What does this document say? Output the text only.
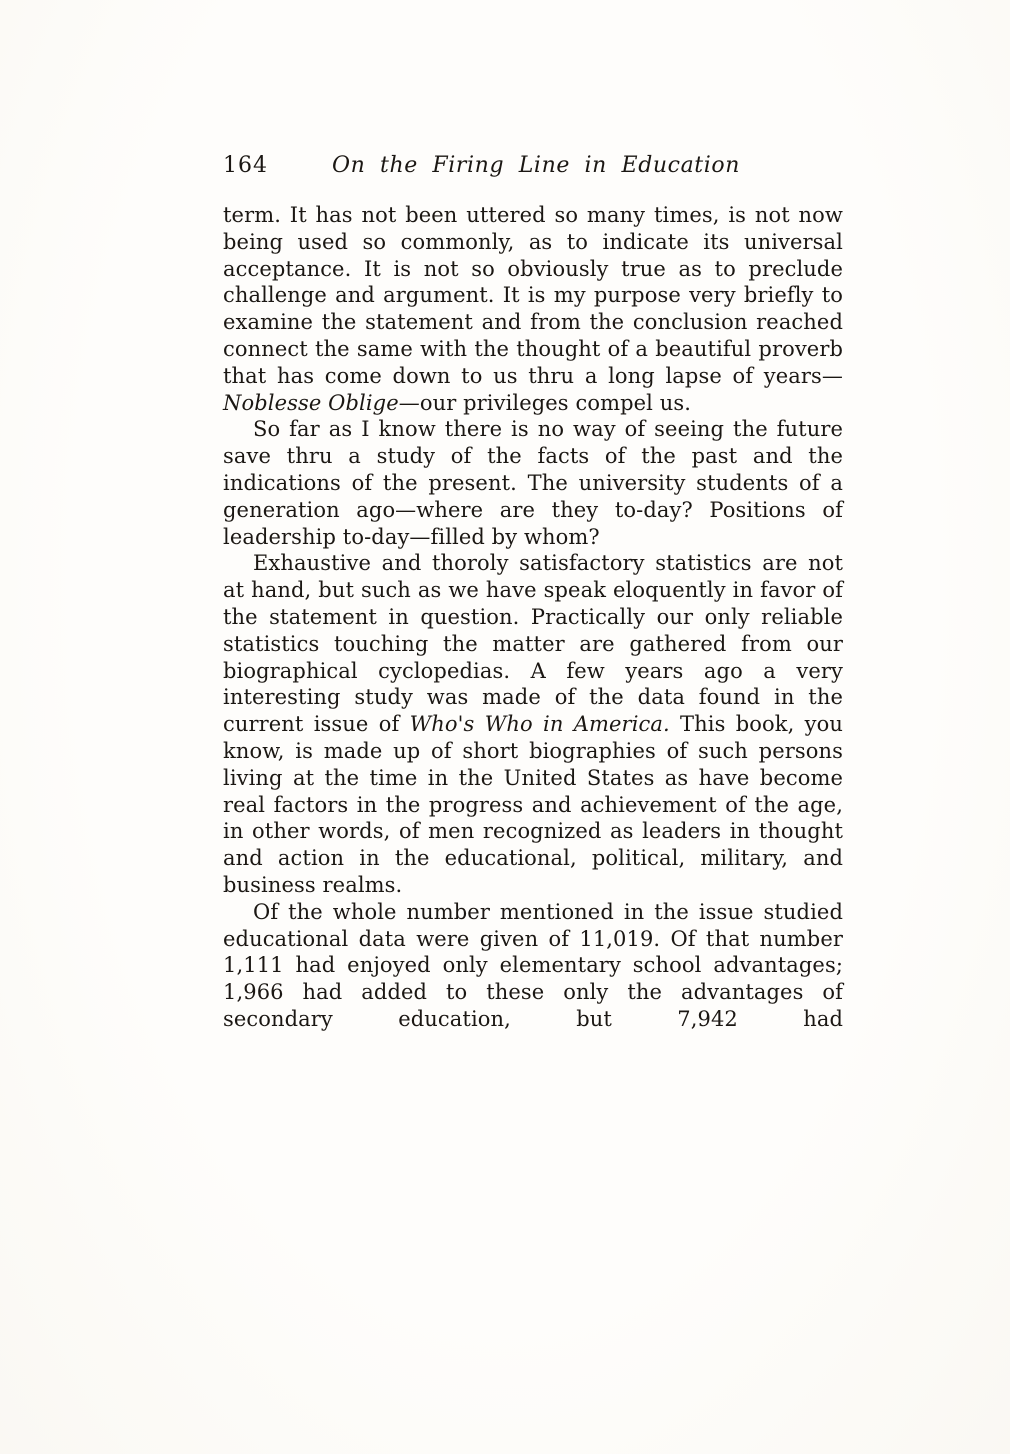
164	On the Firing Line in Education

term. It has not been uttered so many times, is not now being used so commonly, as to indicate its universal acceptance. It is not so obviously true as to preclude challenge and argument. It is my purpose very briefly to examine the statement and from the conclusion reached connect the same with the thought of a beautiful proverb that has come down to us thru a long lapse of years—Noblesse Oblige—our privileges compel us.

So far as I know there is no way of seeing the future save thru a study of the facts of the past and the indications of the present. The university students of a generation ago—where are they to-day? Positions of leadership to-day—filled by whom?

Exhaustive and thoroly satisfactory statistics are not at hand, but such as we have speak eloquently in favor of the statement in question. Practically our only reliable statistics touching the matter are gathered from our biographical cyclopedias. A few years ago a very interesting study was made of the data found in the current issue of Who's Who in America. This book, you know, is made up of short biographies of such persons living at the time in the United States as have become real factors in the progress and achievement of the age, in other words, of men recognized as leaders in thought and action in the educational, political, military, and business realms.

Of the whole number mentioned in the issue studied educational data were given of 11,019. Of that number 1,111 had enjoyed only elementary school advantages; 1,966 had added to these only the advantages of secondary education, but 7,942 had
